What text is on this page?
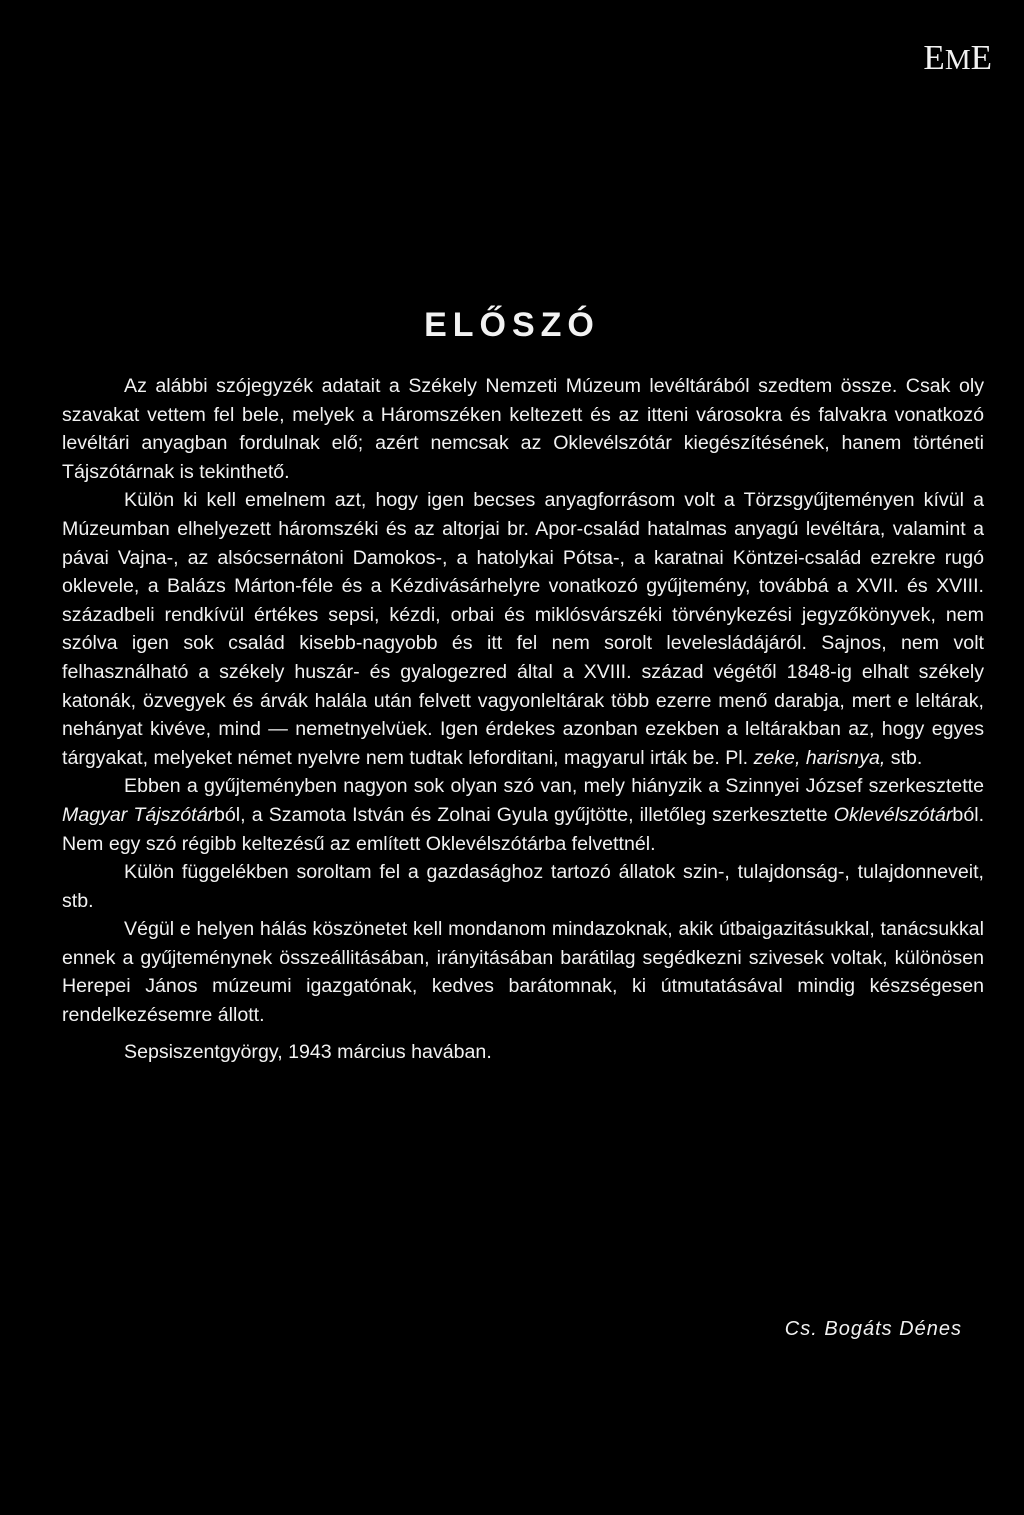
EME
ELŐSZÓ

Az alábbi szójegyzék adatait a Székely Nemzeti Múzeum levéltárából szedtem össze. Csak oly szavakat vettem fel bele, melyek a Háromszéken keltezett és az itteni városokra és falvakra vonatkozó levéltári anyagban fordulnak elő; azért nemcsak az Oklevélszótár kiegészítésének, hanem történeti Tájszótárnak is tekinthető.

Külön ki kell emelnem azt, hogy igen becses anyagforrásom volt a Törzsgyűjteményen kívül a Múzeumban elhelyezett háromszéki és az altorjai br. Apor-család hatalmas anyagú levéltára, valamint a pávai Vajna-, az alsócsernátoni Damokos-, a hatolykai Pótsa-, a karatnai Köntzei-család ezrekre rugó oklevele, a Balázs Márton-féle és a Kézdivásárhelyre vonatkozó gyűjtemény, továbbá a XVII. és XVIII. századbeli rendkívül értékes sepsi, kézdi, orbai és miklósvárszéki törvénykezési jegyzőkönyvek, nem szólva igen sok család kisebb-nagyobb és itt fel nem sorolt levelesládájáról. Sajnos, nem volt felhasználható a székely huszár- és gyalogezred által a XVIII. század végétől 1848-ig elhalt székely katonák, özvegyek és árvák halála után felvett vagyonleltárak több ezerre menő darabja, mert e leltárak, nehányat kivéve, mind — nemetnyelvüek. Igen érdekes azonban ezekben a leltárakban az, hogy egyes tárgyakat, melyeket német nyelvre nem tudtak leforditani, magyarul irták be. Pl. zeke, harisnya, stb.

Ebben a gyűjteményben nagyon sok olyan szó van, mely hiányzik a Szinnyei József szerkesztette Magyar Tájszótárból, a Szamota István és Zolnai Gyula gyűjtötte, illetőleg szerkesztette Oklevélszótárból. Nem egy szó régibb keltezésű az említett Oklevélszótárba felvettnél.

Külön függelékben soroltam fel a gazdasághoz tartozó állatok szin-, tulajdonság-, tulajdonneveit, stb.

Végül e helyen hálás köszönetet kell mondanom mindazoknak, akik útbaigazitásukkal, tanácsukkal ennek a gyűjteménynek összeállitásában, irányitásában barátilag segédkezni szivesek voltak, különösen Herepei János múzeumi igazgatónak, kedves barátomnak, ki útmutatásával mindig készségesen rendelkezésemre állott.

Sepsiszentgyörgy, 1943 március havában.

Cs. Bogáts Dénes
